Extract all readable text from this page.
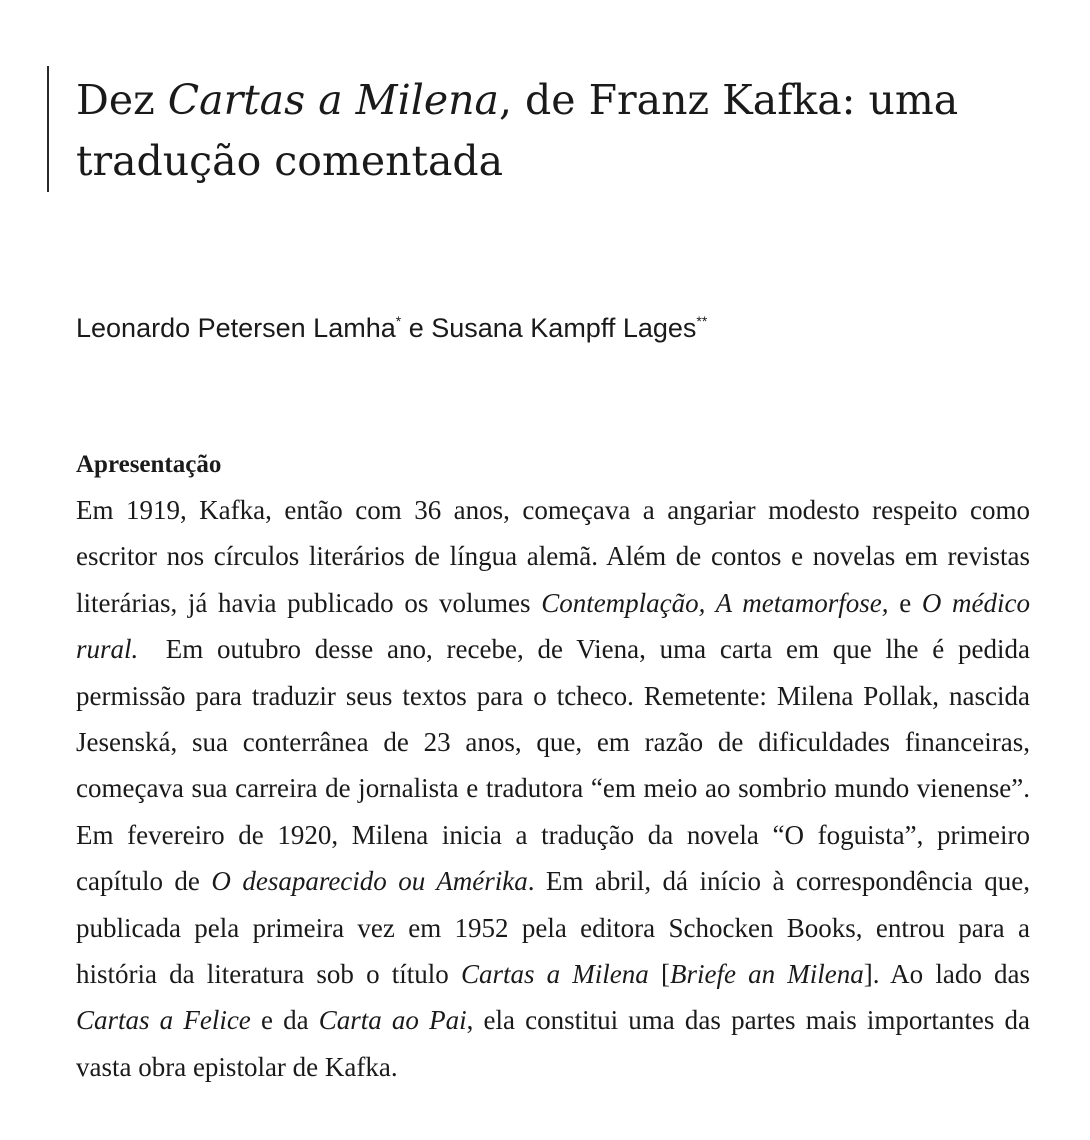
Dez Cartas a Milena, de Franz Kafka: uma tradução comentada
Leonardo Petersen Lamha* e Susana Kampff Lages**
Apresentação

Em 1919, Kafka, então com 36 anos, começava a angariar modesto respeito como escritor nos círculos literários de língua alemã. Além de contos e novelas em revistas literárias, já havia publicado os volumes Contemplação, A metamorfose, e O médico rural.  Em outubro desse ano, recebe, de Viena, uma carta em que lhe é pedida permissão para traduzir seus textos para o tcheco. Remetente: Milena Pollak, nascida Jesenská, sua conterrânea de 23 anos, que, em razão de dificuldades financeiras, começava sua carreira de jornalista e tradutora “em meio ao sombrio mundo vienense”. Em fevereiro de 1920, Milena inicia a tradução da novela “O foguista”, primeiro capítulo de O desaparecido ou Amérika. Em abril, dá início à correspondência que, publicada pela primeira vez em 1952 pela editora Schocken Books, entrou para a história da literatura sob o título Cartas a Milena [Briefe an Milena]. Ao lado das Cartas a Felice e da Carta ao Pai, ela constitui uma das partes mais importantes da vasta obra epistolar de Kafka.
